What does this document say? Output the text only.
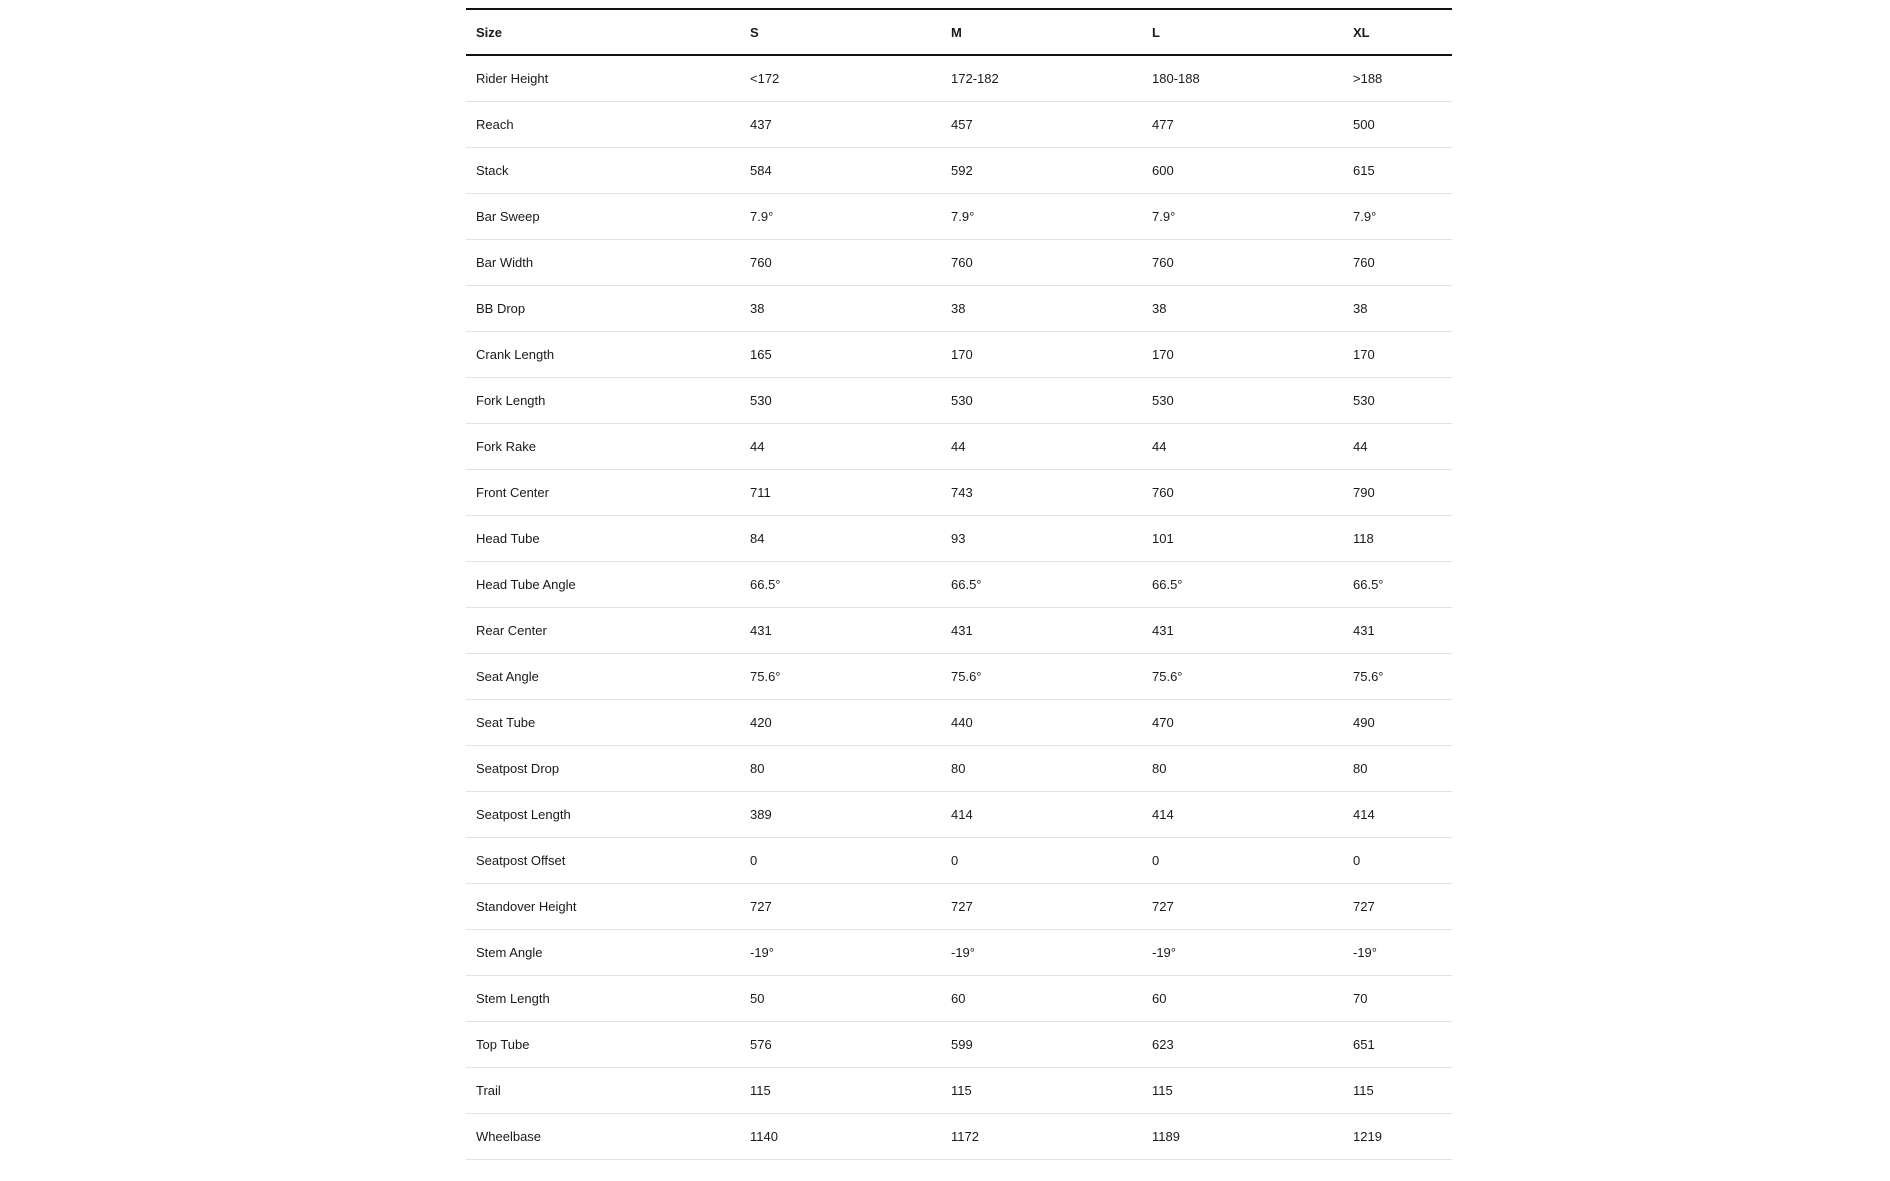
Size	S	M	L	XL
Rider Height	<172	172-182	180-188	>188
Reach	437	457	477	500
Stack	584	592	600	615
Bar Sweep	7.9°	7.9°	7.9°	7.9°
Bar Width	760	760	760	760
BB Drop	38	38	38	38
Crank Length	165	170	170	170
Fork Length	530	530	530	530
Fork Rake	44	44	44	44
Front Center	711	743	760	790
Head Tube	84	93	101	118
Head Tube Angle	66.5°	66.5°	66.5°	66.5°
Rear Center	431	431	431	431
Seat Angle	75.6°	75.6°	75.6°	75.6°
Seat Tube	420	440	470	490
Seatpost Drop	80	80	80	80
Seatpost Length	389	414	414	414
Seatpost Offset	0	0	0	0
Standover Height	727	727	727	727
Stem Angle	-19°	-19°	-19°	-19°
Stem Length	50	60	60	70
Top Tube	576	599	623	651
Trail	115	115	115	115
Wheelbase	1140	1172	1189	1219
